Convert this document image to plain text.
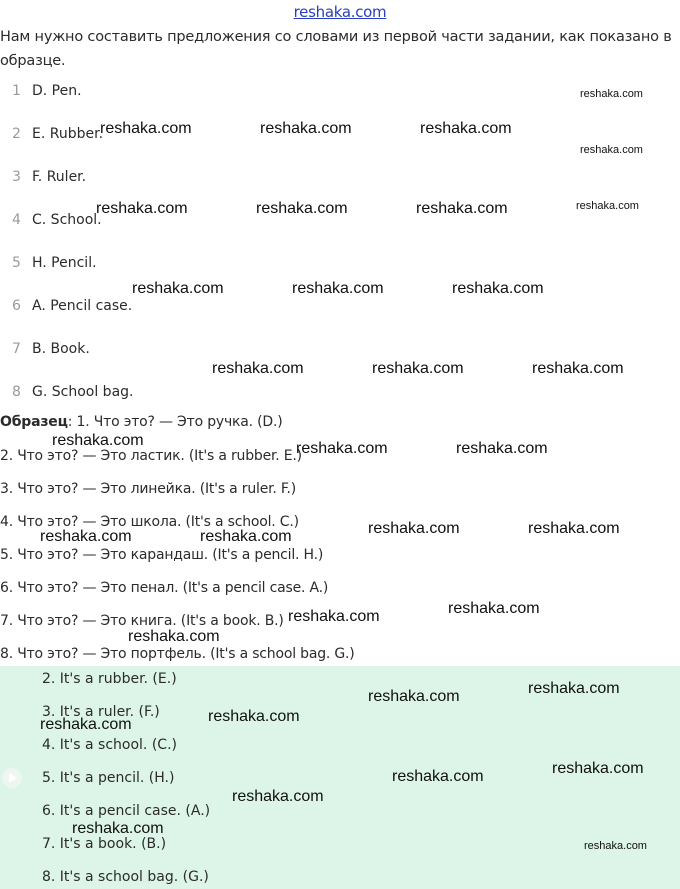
reshaka.com
Нам нужно составить предложения со словами из первой части задании, как показано в образце.
1 D. Pen.
2 E. Rubber.
3 F. Ruler.
4 C. School.
5 H. Pencil.
6 A. Pencil case.
7 B. Book.
8 G. School bag.
Образец: 1. Что это? — Это ручка. (D.)
2. Что это? — Это ластик. (It's a rubber. E.)
3. Что это? — Это линейка. (It's a ruler. F.)
4. Что это? — Это школа. (It's a school. C.)
5. Что это? — Это карандаш. (It's a pencil. H.)
6. Что это? — Это пенал. (It's a pencil case. A.)
7. Что это? — Это книга. (It's a book. B.)
8. Что это? — Это портфель. (It's a school bag. G.)
2. It's a rubber. (E.)
3. It's a ruler. (F.)
4. It's a school. (C.)
5. It's a pencil. (H.)
6. It's a pencil case. (A.)
7. It's a book. (B.)
8. It's a school bag. (G.)
reshaka.com
reshaka.com	reshaka.com	reshaka.com
reshaka.com
reshaka.com	reshaka.com	reshaka.com	reshaka.com
reshaka.com	reshaka.com	reshaka.com
reshaka.com	reshaka.com	reshaka.com
reshaka.com	reshaka.com	reshaka.com
reshaka.com	reshaka.com
reshaka.com	reshaka.com
reshaka.com
reshaka.com
reshaka.com
reshaka.com
reshaka.com
reshaka.com
reshaka.com
reshaka.com
reshaka.com
reshaka.com
reshaka.com
reshaka.com
